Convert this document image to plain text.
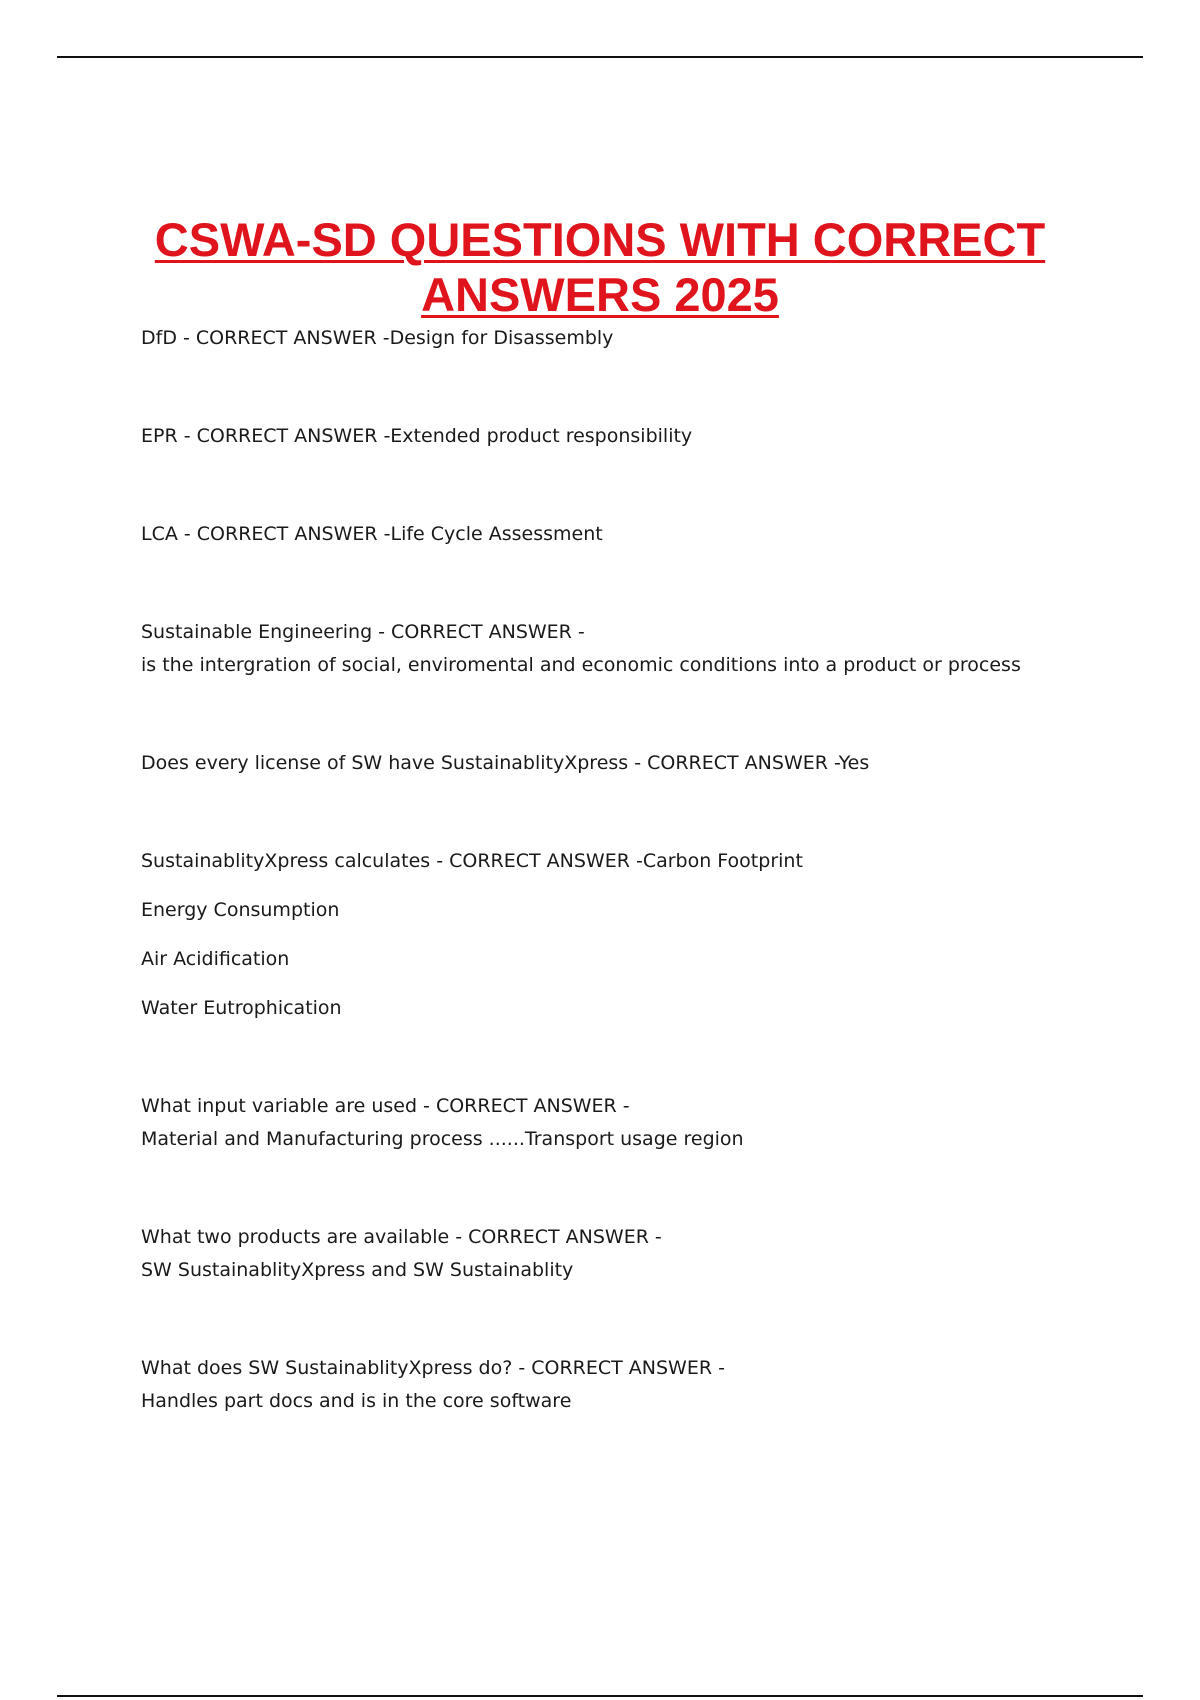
CSWA-SD QUESTIONS WITH CORRECT
ANSWERS 2025

DfD - CORRECT ANSWER -Design for Disassembly

EPR - CORRECT ANSWER -Extended product responsibility

LCA - CORRECT ANSWER -Life Cycle Assessment

Sustainable Engineering - CORRECT ANSWER -

is the intergration of social, enviromental and economic conditions into a product or process

Does every license of SW have SustainablityXpress - CORRECT ANSWER -Yes

SustainablityXpress calculates - CORRECT ANSWER -Carbon Footprint

Energy Consumption

Air Acidification

Water Eutrophication

What input variable are used - CORRECT ANSWER -

Material and Manufacturing process ......Transport usage region

What two products are available - CORRECT ANSWER -

SW SustainablityXpress and SW Sustainablity

What does SW SustainablityXpress do? - CORRECT ANSWER -

Handles part docs and is in the core software
